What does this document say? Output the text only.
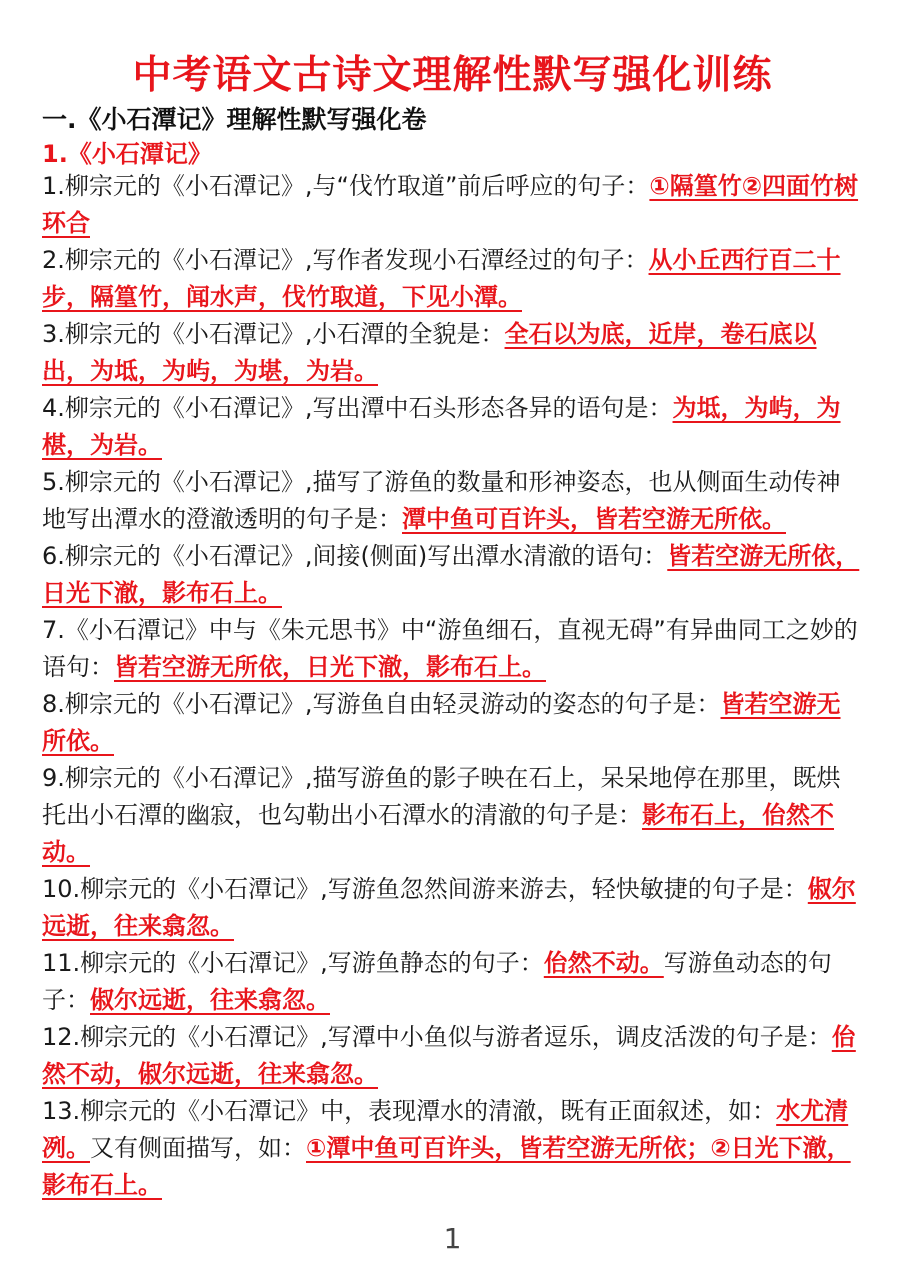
中考语文古诗文理解性默写强化训练
一.《小石潭记》理解性默写强化卷
1.《小石潭记》

1.柳宗元的《小石潭记》,与“伐竹取道”前后呼应的句子：①隔篁竹②四面竹树环合

2.柳宗元的《小石潭记》,写作者发现小石潭经过的句子：从小丘西行百二十步，隔篁竹，闻水声，伐竹取道，下见小潭。

3.柳宗元的《小石潭记》,小石潭的全貌是：全石以为底，近岸，卷石底以出，为坻，为屿，为堪，为岩。

4.柳宗元的《小石潭记》,写出潭中石头形态各异的语句是：为坻，为屿，为椹，为岩。

5.柳宗元的《小石潭记》,描写了游鱼的数量和形神姿态，也从侧面生动传神地写出潭水的澄澈透明的句子是：潭中鱼可百许头，皆若空游无所依。

6.柳宗元的《小石潭记》,间接(侧面)写出潭水清澈的语句：皆若空游无所依，日光下澈，影布石上。

7.《小石潭记》中与《朱元思书》中“游鱼细石，直视无碍”有异曲同工之妙的语句：皆若空游无所依，日光下澈，影布石上。

8.柳宗元的《小石潭记》,写游鱼自由轻灵游动的姿态的句子是：皆若空游无所依。

9.柳宗元的《小石潭记》,描写游鱼的影子映在石上，呆呆地停在那里，既烘托出小石潭的幽寂，也勾勒出小石潭水的清澈的句子是：影布石上，佁然不动。

10.柳宗元的《小石潭记》,写游鱼忽然间游来游去，轻快敏捷的句子是：俶尔远逝，往来翕忽。

11.柳宗元的《小石潭记》,写游鱼静态的句子：佁然不动。写游鱼动态的句子：俶尔远逝，往来翕忽。

12.柳宗元的《小石潭记》,写潭中小鱼似与游者逗乐，调皮活泼的句子是：佁然不动，俶尔远逝，往来翕忽。

13.柳宗元的《小石潭记》中，表现潭水的清澈，既有正面叙述，如：水尤清冽。又有侧面描写，如：①潭中鱼可百许头，皆若空游无所依；②日光下澈，影布石上。

1
